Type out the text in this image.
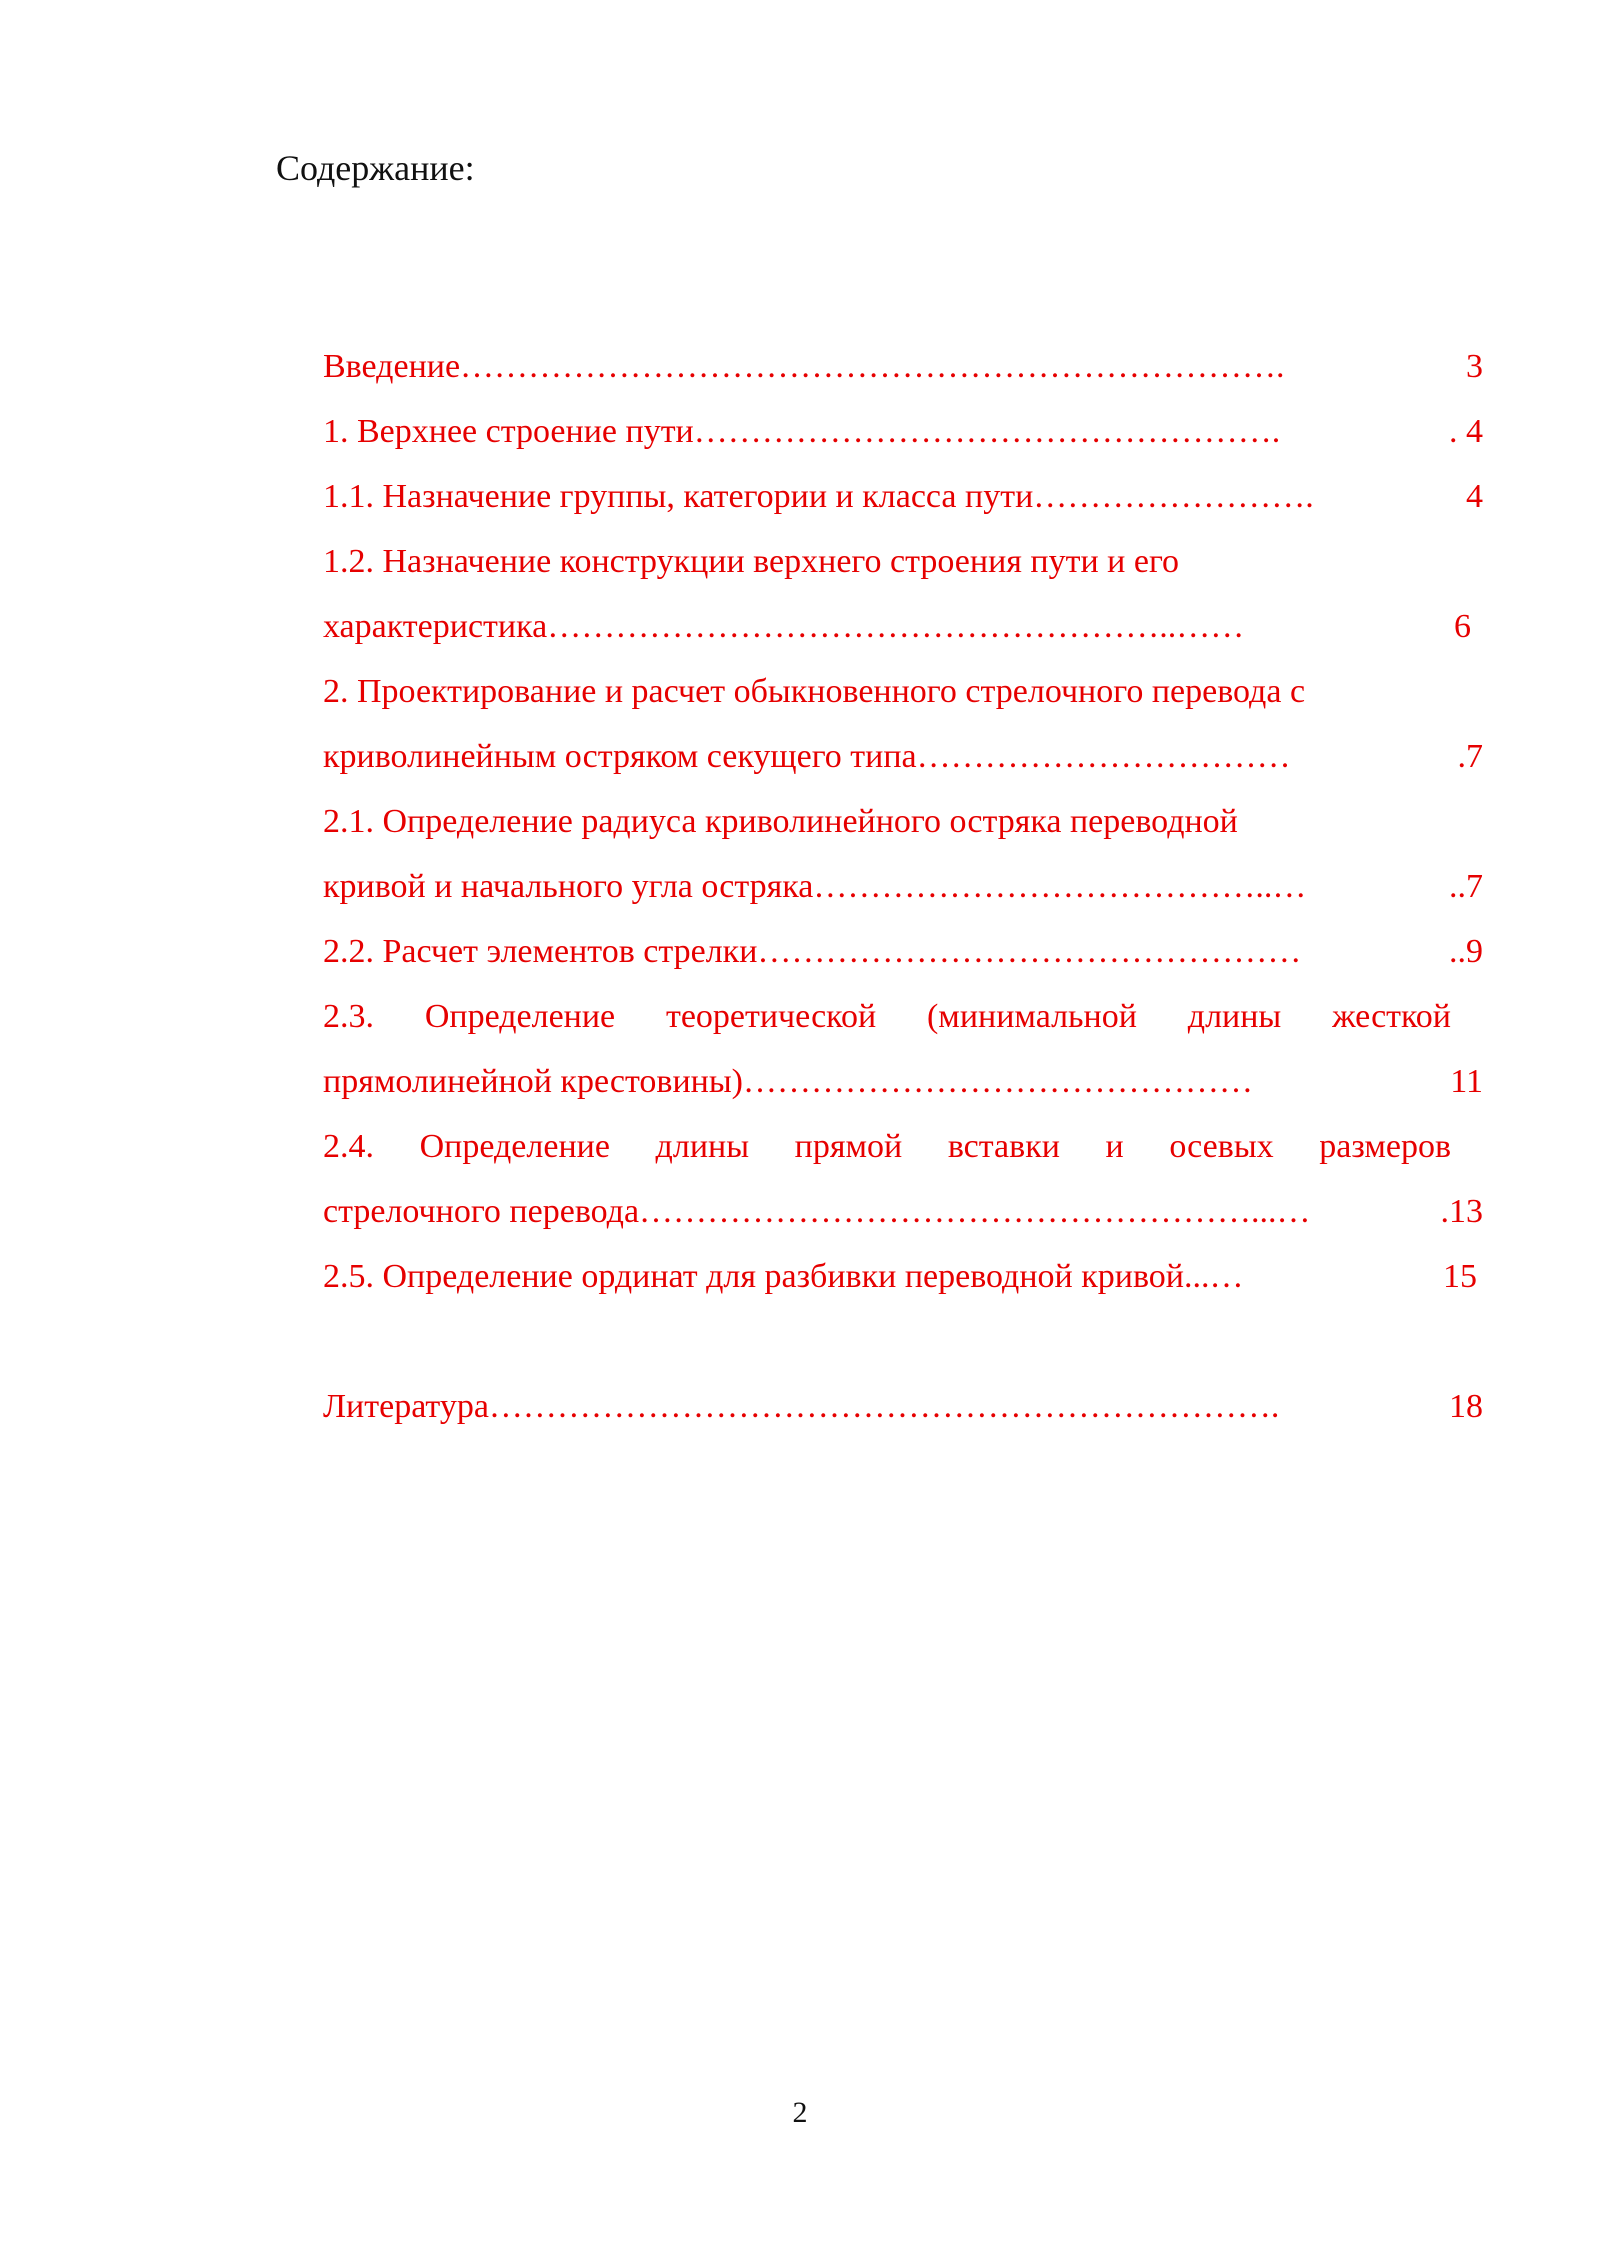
Содержание:
Введение……………………………………………………………….	3
1. Верхнее строение пути…………………………………………….	. 4
1.1. Назначение группы, категории и класса пути…………………….	4
1.2. Назначение конструкции верхнего строения пути и его
характеристика………………………………………………..……	6
2. Проектирование и расчет обыкновенного стрелочного перевода с
криволинейным остряком секущего типа……………………………	.7
2.1. Определение радиуса криволинейного остряка переводной
кривой и начального угла остряка…………………………………..…	..7
2.2. Расчет элементов стрелки…………………………………………	..9
2.3. Определение теоретической (минимальной длины жесткой
прямолинейной крестовины)………………………………………	11
2.4. Определение длины прямой вставки и осевых размеров
стрелочного перевода………………………………………………...…	.13
2.5. Определение ординат для разбивки переводной кривой...…	15
Литература…………………………………………………………….	18
2
